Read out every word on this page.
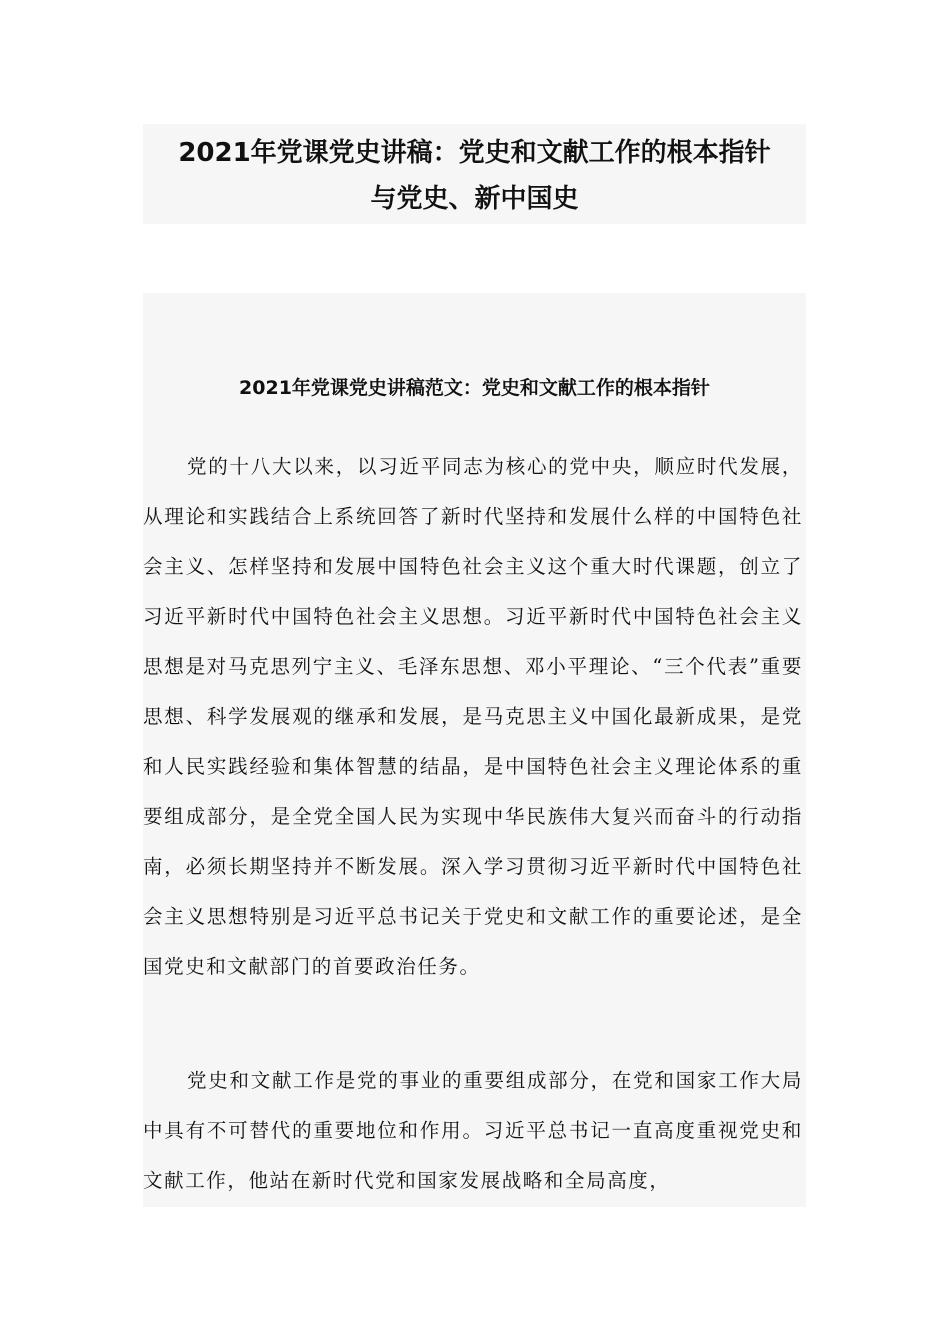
2021年党课党史讲稿：党史和文献工作的根本指针
与党史、新中国史
2021年党课党史讲稿范文：党史和文献工作的根本指针

党的十八大以来，以习近平同志为核心的党中央，顺应时代发展，从理论和实践结合上系统回答了新时代坚持和发展什么样的中国特色社会主义、怎样坚持和发展中国特色社会主义这个重大时代课题，创立了习近平新时代中国特色社会主义思想。习近平新时代中国特色社会主义思想是对马克思列宁主义、毛泽东思想、邓小平理论、“三个代表”重要思想、科学发展观的继承和发展，是马克思主义中国化最新成果，是党和人民实践经验和集体智慧的结晶，是中国特色社会主义理论体系的重要组成部分，是全党全国人民为实现中华民族伟大复兴而奋斗的行动指南，必须长期坚持并不断发展。深入学习贯彻习近平新时代中国特色社会主义思想特别是习近平总书记关于党史和文献工作的重要论述，是全国党史和文献部门的首要政治任务。

党史和文献工作是党的事业的重要组成部分，在党和国家工作大局中具有不可替代的重要地位和作用。习近平总书记一直高度重视党史和文献工作，他站在新时代党和国家发展战略和全局高度，
